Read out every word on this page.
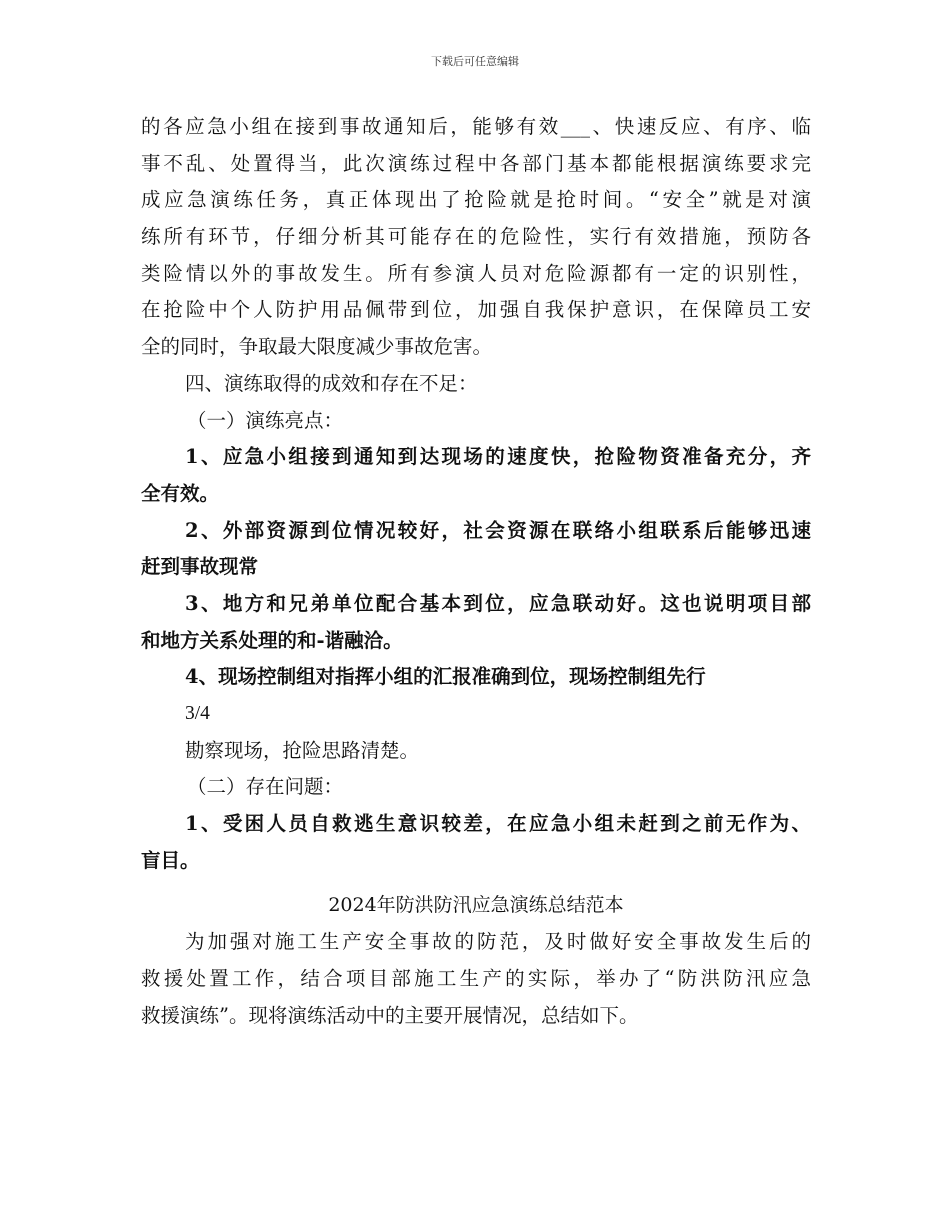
下载后可任意编辑
的各应急小组在接到事故通知后，能够有效___、快速反应、有序、临
事不乱、处置得当，此次演练过程中各部门基本都能根据演练要求完
成应急演练任务，真正体现出了抢险就是抢时间。“安全”就是对演
练所有环节，仔细分析其可能存在的危险性，实行有效措施，预防各
类险情以外的事故发生。所有参演人员对危险源都有一定的识别性，
在抢险中个人防护用品佩带到位，加强自我保护意识，在保障员工安
全的同时，争取最大限度减少事故危害。
四、演练取得的成效和存在不足：
（一）演练亮点：
1、应急小组接到通知到达现场的速度快，抢险物资准备充分，齐
全有效。
2、外部资源到位情况较好，社会资源在联络小组联系后能够迅速
赶到事故现常
3、地方和兄弟单位配合基本到位，应急联动好。这也说明项目部
和地方关系处理的和-谐融洽。
4、现场控制组对指挥小组的汇报准确到位，现场控制组先行
3/4
勘察现场，抢险思路清楚。
（二）存在问题：
1、受困人员自救逃生意识较差，在应急小组未赶到之前无作为、
盲目。
2024年防洪防汛应急演练总结范本
为加强对施工生产安全事故的防范，及时做好安全事故发生后的
救援处置工作，结合项目部施工生产的实际，举办了“防洪防汛应急
救援演练”。现将演练活动中的主要开展情况，总结如下。
